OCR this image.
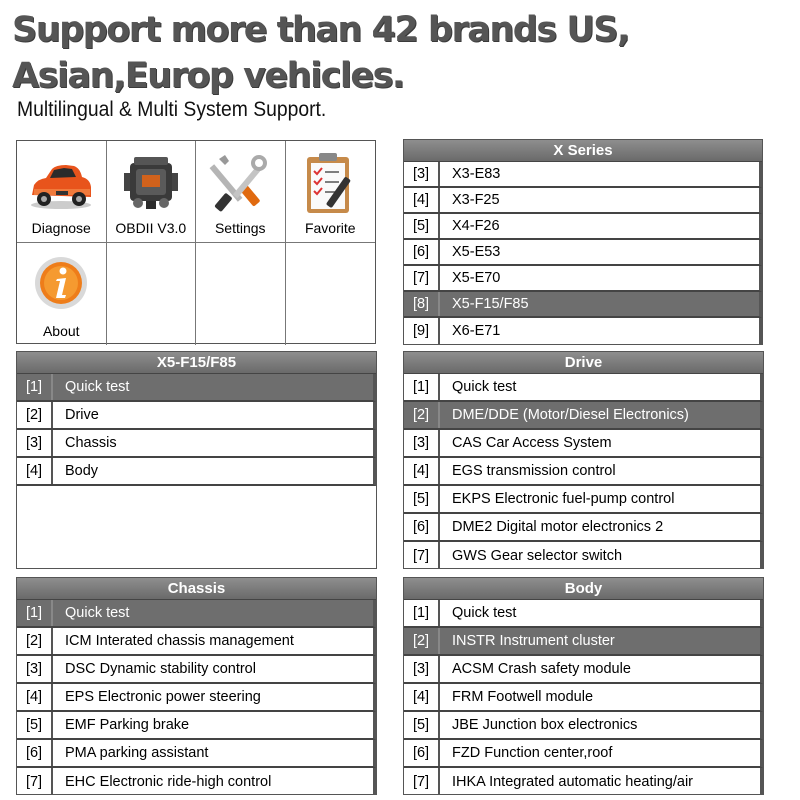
Support more than 42 brands US,
Asian,Europ vehicles.
Multilingual & Multi System Support.
Diagnose	OBDII V3.0	Settings	Favorite
About
X Series
[3]	X3-E83
[4]	X3-F25
[5]	X4-F26
[6]	X5-E53
[7]	X5-E70
[8]	X5-F15/F85
[9]	X6-E71
X5-F15/F85
[1]	Quick test
[2]	Drive
[3]	Chassis
[4]	Body
Drive
[1]	Quick test
[2]	DME/DDE (Motor/Diesel Electronics)
[3]	CAS Car Access System
[4]	EGS transmission control
[5]	EKPS Electronic fuel-pump control
[6]	DME2 Digital motor electronics 2
[7]	GWS Gear selector switch
Chassis
[1]	Quick test
[2]	ICM Interated chassis management
[3]	DSC Dynamic stability control
[4]	EPS Electronic power steering
[5]	EMF Parking brake
[6]	PMA parking assistant
[7]	EHC Electronic ride-high control
Body
[1]	Quick test
[2]	INSTR Instrument cluster
[3]	ACSM Crash safety module
[4]	FRM Footwell module
[5]	JBE Junction box electronics
[6]	FZD Function center,roof
[7]	IHKA Integrated automatic heating/air
